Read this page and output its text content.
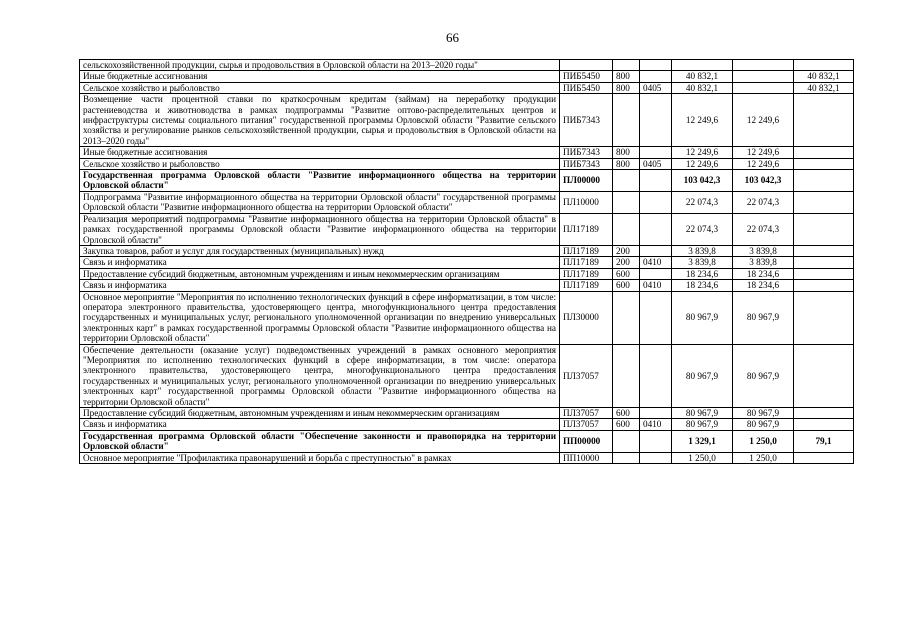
66
сельскохозяйственной продукции, сырья и продовольствия в Орловской области на 2013–2020 годы"						
Иные бюджетные ассигнования	ПИБ5450	800		40 832,1		40 832,1
Сельское хозяйство и рыболовство	ПИБ5450	800	0405	40 832,1		40 832,1
Возмещение части процентной ставки по краткосрочным кредитам (займам) на переработку продукции растениеводства и животноводства в рамках подпрограммы "Развитие оптово-распределительных центров и инфраструктуры системы социального питания" государственной программы Орловской области "Развитие сельского хозяйства и регулирование рынков сельскохозяйственной продукции, сырья и продовольствия в Орловской области на 2013–2020 годы"	ПИБ7343			12 249,6	12 249,6	
Иные бюджетные ассигнования	ПИБ7343	800		12 249,6	12 249,6	
Сельское хозяйство и рыболовство	ПИБ7343	800	0405	12 249,6	12 249,6	
Государственная программа Орловской области "Развитие информационного общества на территории Орловской области"	ПЛ00000			103 042,3	103 042,3	
Подпрограмма "Развитие информационного общества на территории Орловской области" государственной программы Орловской области "Развитие информационного общества на территории Орловской области"	ПЛ10000			22 074,3	22 074,3	
Реализация мероприятий подпрограммы "Развитие информационного общества на территории Орловской области" в рамках государственной программы Орловской области "Развитие информационного общества на территории Орловской области"	ПЛ17189			22 074,3	22 074,3	
Закупка товаров, работ и услуг для государственных (муниципальных) нужд	ПЛ17189	200		3 839,8	3 839,8	
Связь и информатика	ПЛ17189	200	0410	3 839,8	3 839,8	
Предоставление субсидий бюджетным, автономным учреждениям и иным некоммерческим организациям	ПЛ17189	600		18 234,6	18 234,6	
Связь и информатика	ПЛ17189	600	0410	18 234,6	18 234,6	
Основное мероприятие "Мероприятия по исполнению технологических функций в сфере информатизации, в том числе: оператора электронного правительства, удостоверяющего центра, многофункционального центра предоставления государственных и муниципальных услуг, регионального уполномоченной организации по внедрению универсальных электронных карт" в рамках государственной программы Орловской области "Развитие информационного общества на территории Орловской области"	ПЛ30000			80 967,9	80 967,9	
Обеспечение деятельности (оказание услуг) подведомственных учреждений в рамках основного мероприятия "Мероприятия по исполнению технологических функций в сфере информатизации, в том числе: оператора электронного правительства, удостоверяющего центра, многофункционального центра предоставления государственных и муниципальных услуг, регионального уполномоченной организации по внедрению универсальных электронных карт" государственной программы Орловской области "Развитие информационного общества на территории Орловской области"	ПЛ37057			80 967,9	80 967,9	
Предоставление субсидий бюджетным, автономным учреждениям и иным некоммерческим организациям	ПЛ37057	600		80 967,9	80 967,9	
Связь и информатика	ПЛ37057	600	0410	80 967,9	80 967,9	
Государственная программа Орловской области "Обеспечение законности и правопорядка на территории Орловской области"	ПП00000			1 329,1	1 250,0	79,1
Основное мероприятие "Профилактика правонарушений и борьба с преступностью" в рамках	ПП10000			1 250,0	1 250,0	
